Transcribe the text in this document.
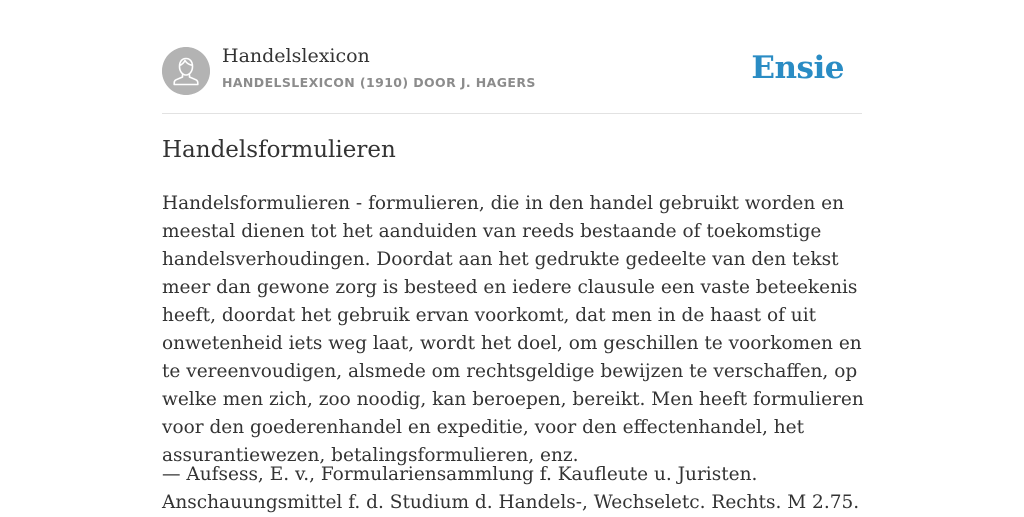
Handelslexicon
HANDELSLEXICON (1910) DOOR J. HAGERS	Ensie
Handelsformulieren

Handelsformulieren - formulieren, die in den handel gebruikt worden en meestal dienen tot het aanduiden van reeds bestaande of toekomstige handelsverhoudingen. Doordat aan het gedrukte gedeelte van den tekst meer dan gewone zorg is besteed en iedere clausule een vaste beteekenis heeft, doordat het gebruik ervan voorkomt, dat men in de haast of uit onwetenheid iets weg laat, wordt het doel, om geschillen te voorkomen en te vereenvoudigen, alsmede om rechtsgeldige bewijzen te verschaffen, op welke men zich, zoo noodig, kan beroepen, bereikt. Men heeft formulieren voor den goederenhandel en expeditie, voor den effectenhandel, het assurantiewezen, betalingsformulieren, enz.

— Aufsess, E. v., Formulariensammlung f. Kaufleute u. Juristen. Anschauungsmittel f. d. Studium d. Handels-, Wechseletc. Rechts. M 2.75.
